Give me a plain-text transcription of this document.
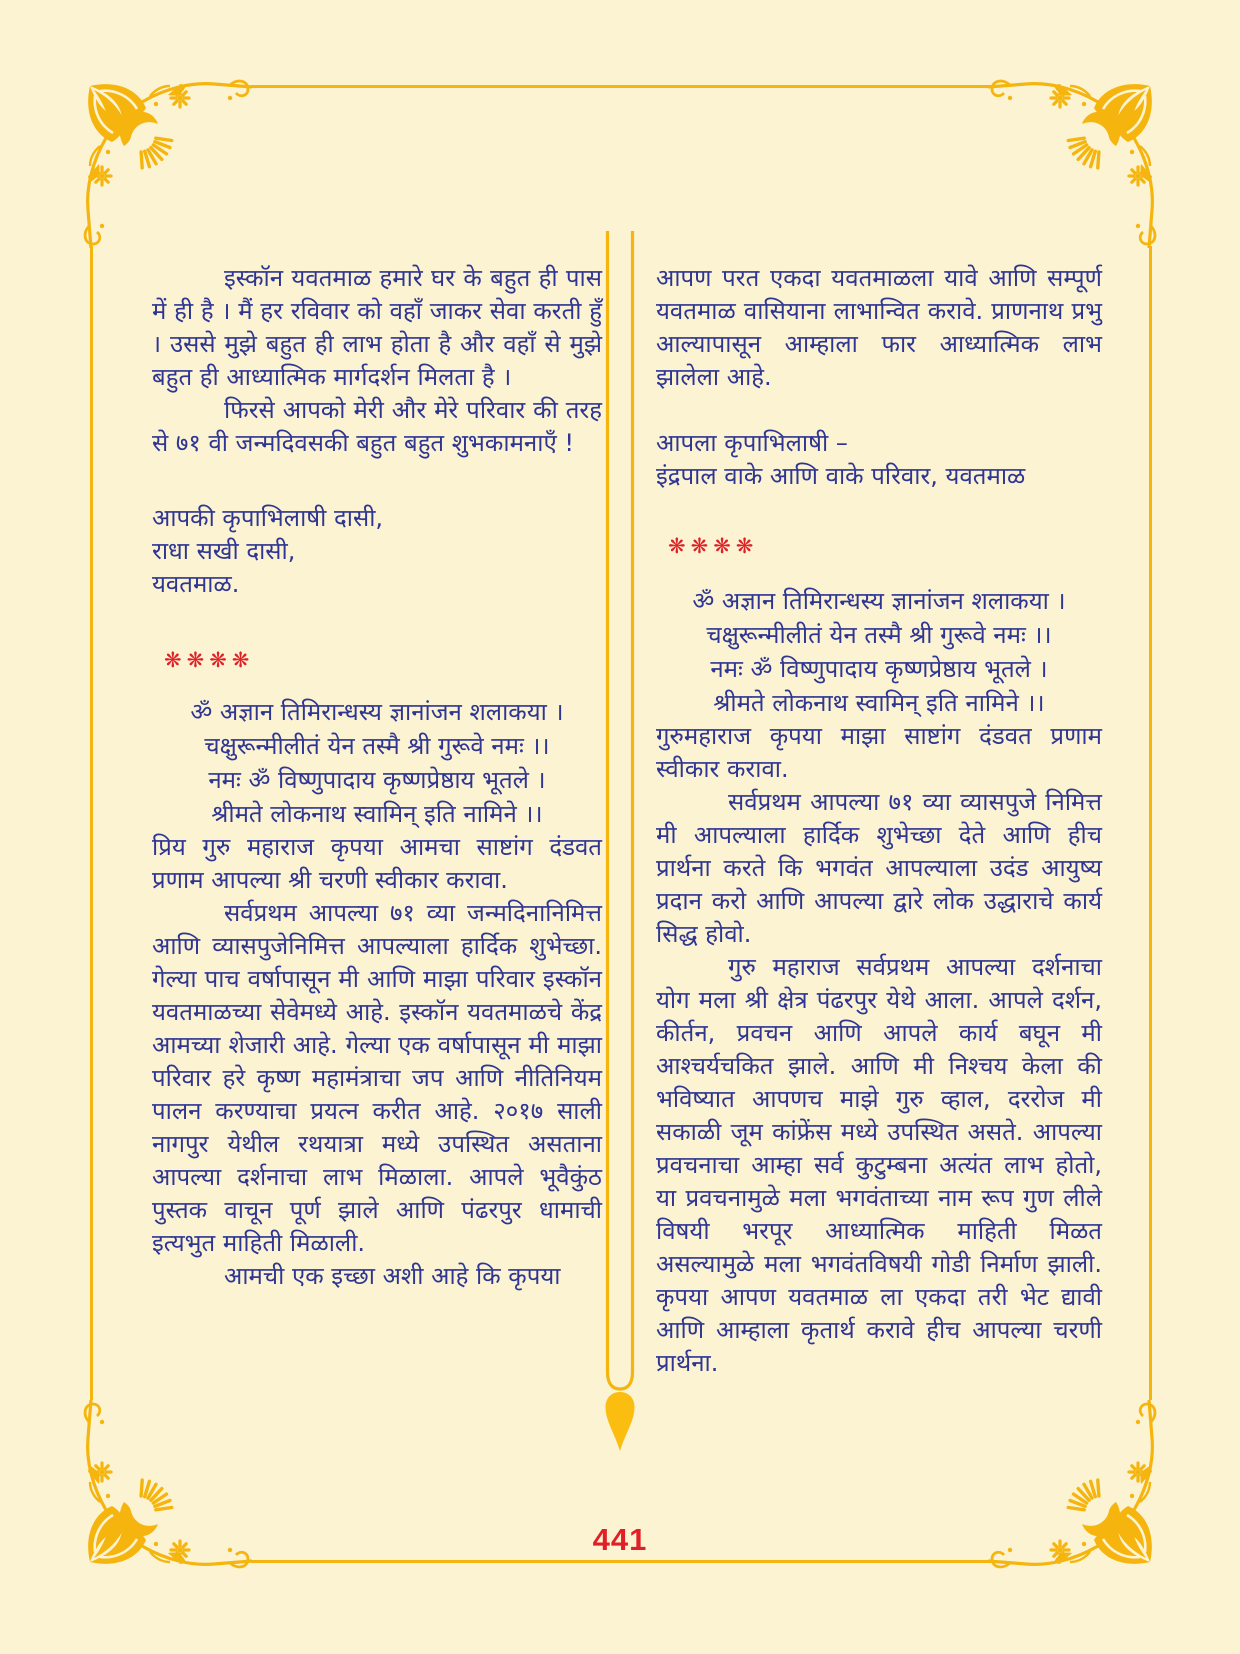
इस्कॉन यवतमाळ हमारे घर के बहुत ही पास में ही है । मैं हर रविवार को वहाँ जाकर सेवा करती हुँ । उससे मुझे बहुत ही लाभ होता है और वहाँ से मुझे बहुत ही आध्यात्मिक मार्गदर्शन मिलता है ।

फिरसे आपको मेरी और मेरे परिवार की तरह से ७१ वी जन्मदिवसकी बहुत बहुत शुभकामनाएँ !

आपकी कृपाभिलाषी दासी,
राधा सखी दासी,
यवतमाळ.
❋❋❋❋
ॐ अज्ञान तिमिरान्धस्य ज्ञानांजन शलाकया ।
चक्षुरून्मीलीतं येन तस्मै श्री गुरूवे नमः ।।
नमः ॐ विष्णुपादाय कृष्णप्रेष्ठाय भूतले ।
श्रीमते लोकनाथ स्वामिन् इति नामिने ।।

प्रिय गुरु महाराज कृपया आमचा साष्टांग दंडवत प्रणाम आपल्या श्री चरणी स्वीकार करावा.

सर्वप्रथम आपल्या ७१ व्या जन्मदिनानिमित्त आणि व्यासपुजेनिमित्त आपल्याला हार्दिक शुभेच्छा. गेल्या पाच वर्षापासून मी आणि माझा परिवार इस्कॉन यवतमाळच्या सेवेमध्ये आहे. इस्कॉन यवतमाळचे केंद्र आमच्या शेजारी आहे. गेल्या एक वर्षापासून मी माझा परिवार हरे कृष्ण महामंत्राचा जप आणि नीतिनियम पालन करण्याचा प्रयत्न करीत आहे. २०१७ साली नागपुर येथील रथयात्रा मध्ये उपस्थित असताना आपल्या दर्शनाचा लाभ मिळाला. आपले भूवैकुंठ पुस्तक वाचून पूर्ण झाले आणि पंढरपुर धामाची इत्यभुत माहिती मिळाली.

आमची एक इच्छा अशी आहे कि कृपया

आपण परत एकदा यवतमाळला यावे आणि सम्पूर्ण यवतमाळ वासियाना लाभान्वित करावे. प्राणनाथ प्रभु आल्यापासून आम्हाला फार आध्यात्मिक लाभ झालेला आहे.

आपला कृपाभिलाषी –
इंद्रपाल वाके आणि वाके परिवार, यवतमाळ
❋❋❋❋
ॐ अज्ञान तिमिरान्धस्य ज्ञानांजन शलाकया ।
चक्षुरून्मीलीतं येन तस्मै श्री गुरूवे नमः ।।
नमः ॐ विष्णुपादाय कृष्णप्रेष्ठाय भूतले ।
श्रीमते लोकनाथ स्वामिन् इति नामिने ।।

गुरुमहाराज कृपया माझा साष्टांग दंडवत प्रणाम स्वीकार करावा.

सर्वप्रथम आपल्या ७१ व्या व्यासपुजे निमित्त मी आपल्याला हार्दिक शुभेच्छा देते आणि हीच प्रार्थना करते कि भगवंत आपल्याला उदंड आयुष्य प्रदान करो आणि आपल्या द्वारे लोक उद्धाराचे कार्य सिद्ध होवो.

गुरु महाराज सर्वप्रथम आपल्या दर्शनाचा योग मला श्री क्षेत्र पंढरपुर येथे आला. आपले दर्शन, कीर्तन, प्रवचन आणि आपले कार्य बघून मी आश्चर्यचकित झाले. आणि मी निश्चय केला की भविष्यात आपणच माझे गुरु व्हाल, दररोज मी सकाळी जूम कांफ्रेंस मध्ये उपस्थित असते. आपल्या प्रवचनाचा आम्हा सर्व कुटुम्बना अत्यंत लाभ होतो, या प्रवचनामुळे मला भगवंताच्या नाम रूप गुण लीले विषयी भरपूर आध्यात्मिक माहिती मिळत असल्यामुळे मला भगवंतविषयी गोडी निर्माण झाली. कृपया आपण यवतमाळ ला एकदा तरी भेट द्यावी आणि आम्हाला कृतार्थ करावे हीच आपल्या चरणी प्रार्थना.

441
